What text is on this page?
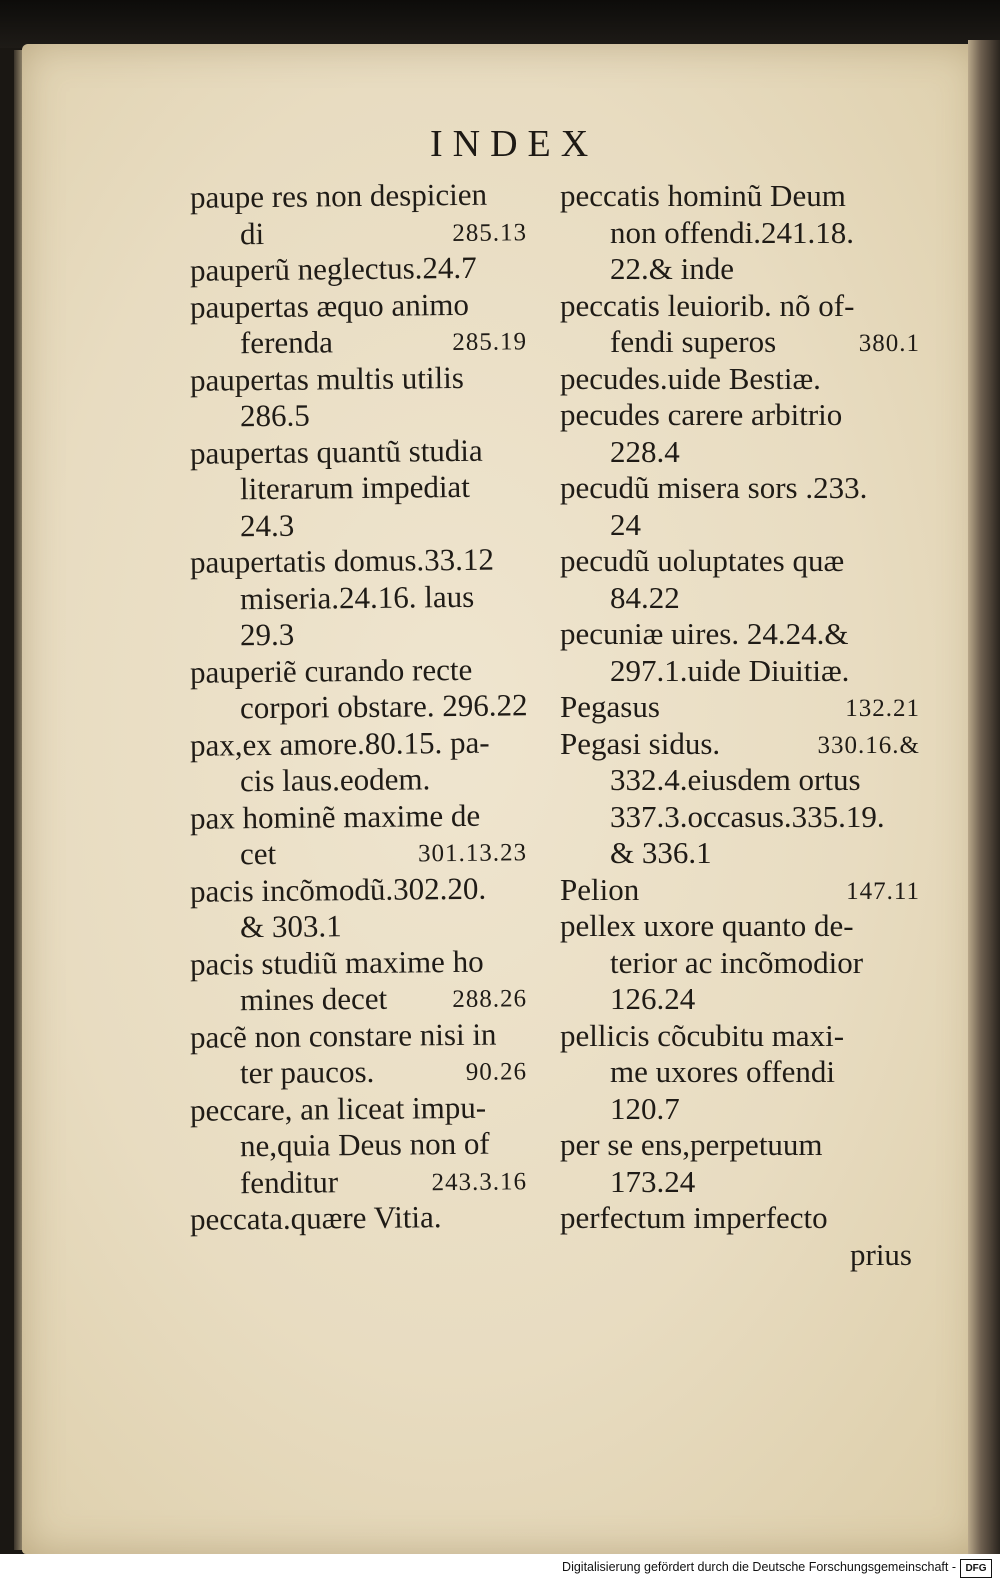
INDEX
paupe res non despicien
di	285.13
pauperũ neglectus.24.7
paupertas æquo animo
ferenda	285.19
paupertas multis utilis
286.5
paupertas quantũ studia
literarum impediat
24.3
paupertatis domus.33.12
miseria.24.16. laus
29.3
pauperiẽ curando recte
corpori obstare. 296.22
pax,ex amore.80.15. pa-
cis laus.eodem.
pax hominẽ maxime de
cet	301.13.23
pacis incõmodũ.302.20.
& 303.1
pacis studiũ maxime ho
mines decet	288.26
pacẽ non constare nisi in
ter paucos.	90.26
peccare, an liceat impu-
ne,quia Deus non of
fenditur	243.3.16
peccata.quære Vitia.
peccatis hominũ Deum
non offendi.241.18.
22.& inde
peccatis leuiorib. nõ of-
fendi superos	380.1
pecudes.uide Bestiæ.
pecudes carere arbitrio
228.4
pecudũ misera sors .233.
24
pecudũ uoluptates quæ
84.22
pecuniæ uires. 24.24.&
297.1.uide Diuitiæ.
Pegasus	132.21
Pegasi sidus.	330.16.&
332.4.eiusdem ortus
337.3.occasus.335.19.
& 336.1
Pelion	147.11
pellex uxore quanto de-
terior ac incõmodior
126.24
pellicis cõcubitu maxi-
me uxores offendi
120.7
per se ens,perpetuum
173.24
perfectum imperfecto
prius
Digitalisierung gefördert durch die Deutsche Forschungsgemeinschaft - DFG
